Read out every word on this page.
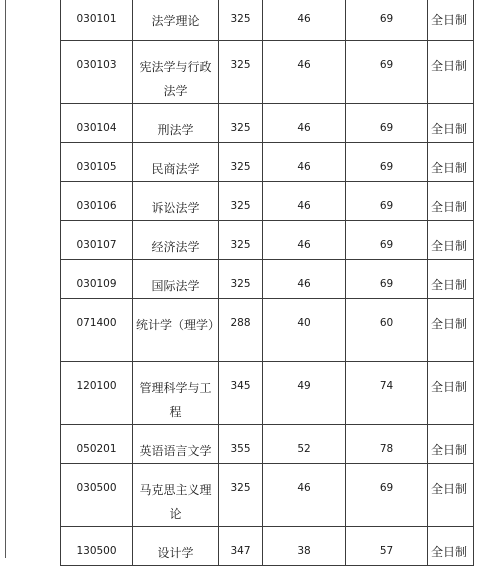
030101	法学理论	325	46	69	全日制

030103	宪法学与行政法学	325	46	69	全日制

030104	刑法学	325	46	69	全日制

030105	民商法学	325	46	69	全日制

030106	诉讼法学	325	46	69	全日制

030107	经济法学	325	46	69	全日制

030109	国际法学	325	46	69	全日制

071400	统计学（理学）	288	40	60	全日制

120100	管理科学与工程	345	49	74	全日制

050201	英语语言文学	355	52	78	全日制

030500	马克思主义理论	325	46	69	全日制

130500	设计学	347	38	57	全日制
